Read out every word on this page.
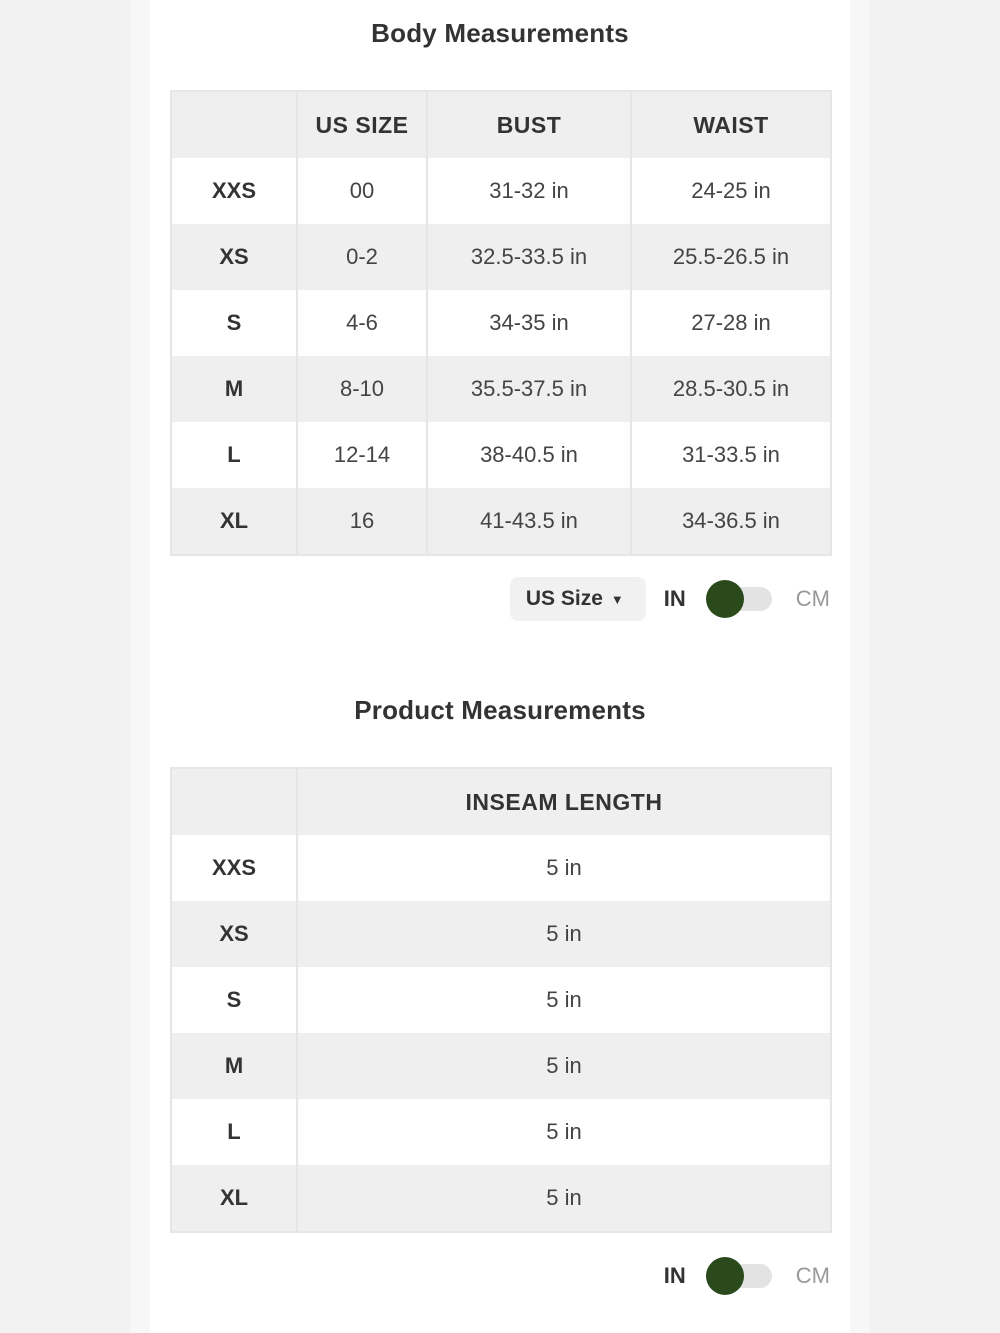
Body Measurements
	US SIZE	BUST	WAIST
XXS	00	31-32 in	24-25 in
XS	0-2	32.5-33.5 in	25.5-26.5 in
S	4-6	34-35 in	27-28 in
M	8-10	35.5-37.5 in	28.5-30.5 in
L	12-14	38-40.5 in	31-33.5 in
XL	16	41-43.5 in	34-36.5 in
US Size ▼ IN	CM
Product Measurements
	INSEAM LENGTH
XXS	5 in
XS	5 in
S	5 in
M	5 in
L	5 in
XL	5 in
IN	CM
